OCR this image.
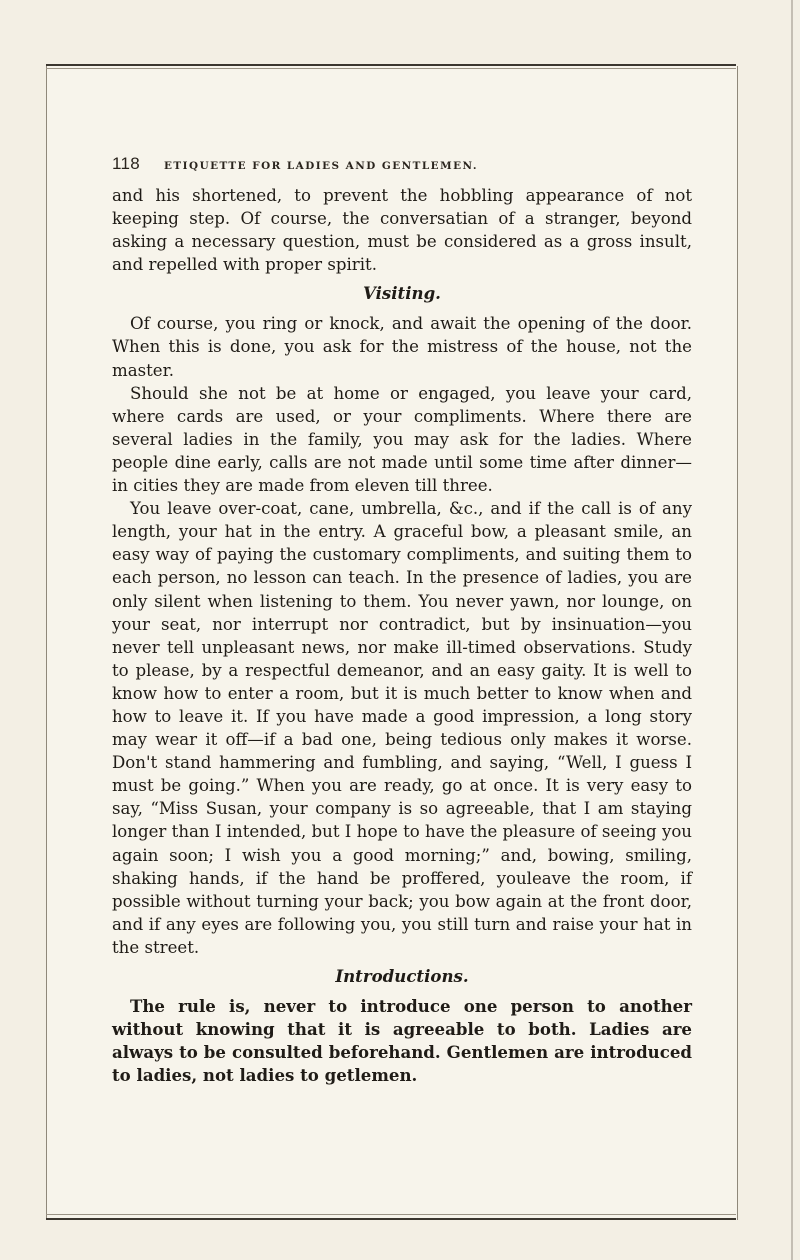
118 ETIQUETTE FOR LADIES AND GENTLEMEN.

and his shortened, to prevent the hobbling appearance of not keeping step. Of course, the conversatian of a stranger, beyond asking a necessary question, must be considered as a gross insult, and repelled with proper spirit.

Visiting.

Of course, you ring or knock, and await the opening of the door. When this is done, you ask for the mistress of the house, not the master.

Should she not be at home or engaged, you leave your card, where cards are used, or your compliments. Where there are several ladies in the family, you may ask for the ladies. Where people dine early, calls are not made until some time after dinner—in cities they are made from eleven till three.

You leave over-coat, cane, umbrella, &c., and if the call is of any length, your hat in the entry. A graceful bow, a pleasant smile, an easy way of paying the customary compliments, and suiting them to each person, no lesson can teach. In the presence of ladies, you are only silent when listening to them. You never yawn, nor lounge, on your seat, nor interrupt nor contradict, but by insinuation—you never tell unpleasant news, nor make ill-timed observations. Study to please, by a respectful demeanor, and an easy gaity. It is well to know how to enter a room, but it is much better to know when and how to leave it. If you have made a good impression, a long story may wear it off—if a bad one, being tedious only makes it worse. Don't stand hammering and fumbling, and saying, “Well, I guess I must be going.” When you are ready, go at once. It is very easy to say, “Miss Susan, your company is so agreeable, that I am staying longer than I intended, but I hope to have the pleasure of seeing you again soon; I wish you a good morning;” and, bowing, smiling, shaking hands, if the hand be proffered, youleave the room, if possible without turning your back; you bow again at the front door, and if any eyes are following you, you still turn and raise your hat in the street.

Introductions.

The rule is, never to introduce one person to another without knowing that it is agreeable to both. Ladies are always to be consulted beforehand. Gentlemen are introduced to ladies, not ladies to getlemen.
